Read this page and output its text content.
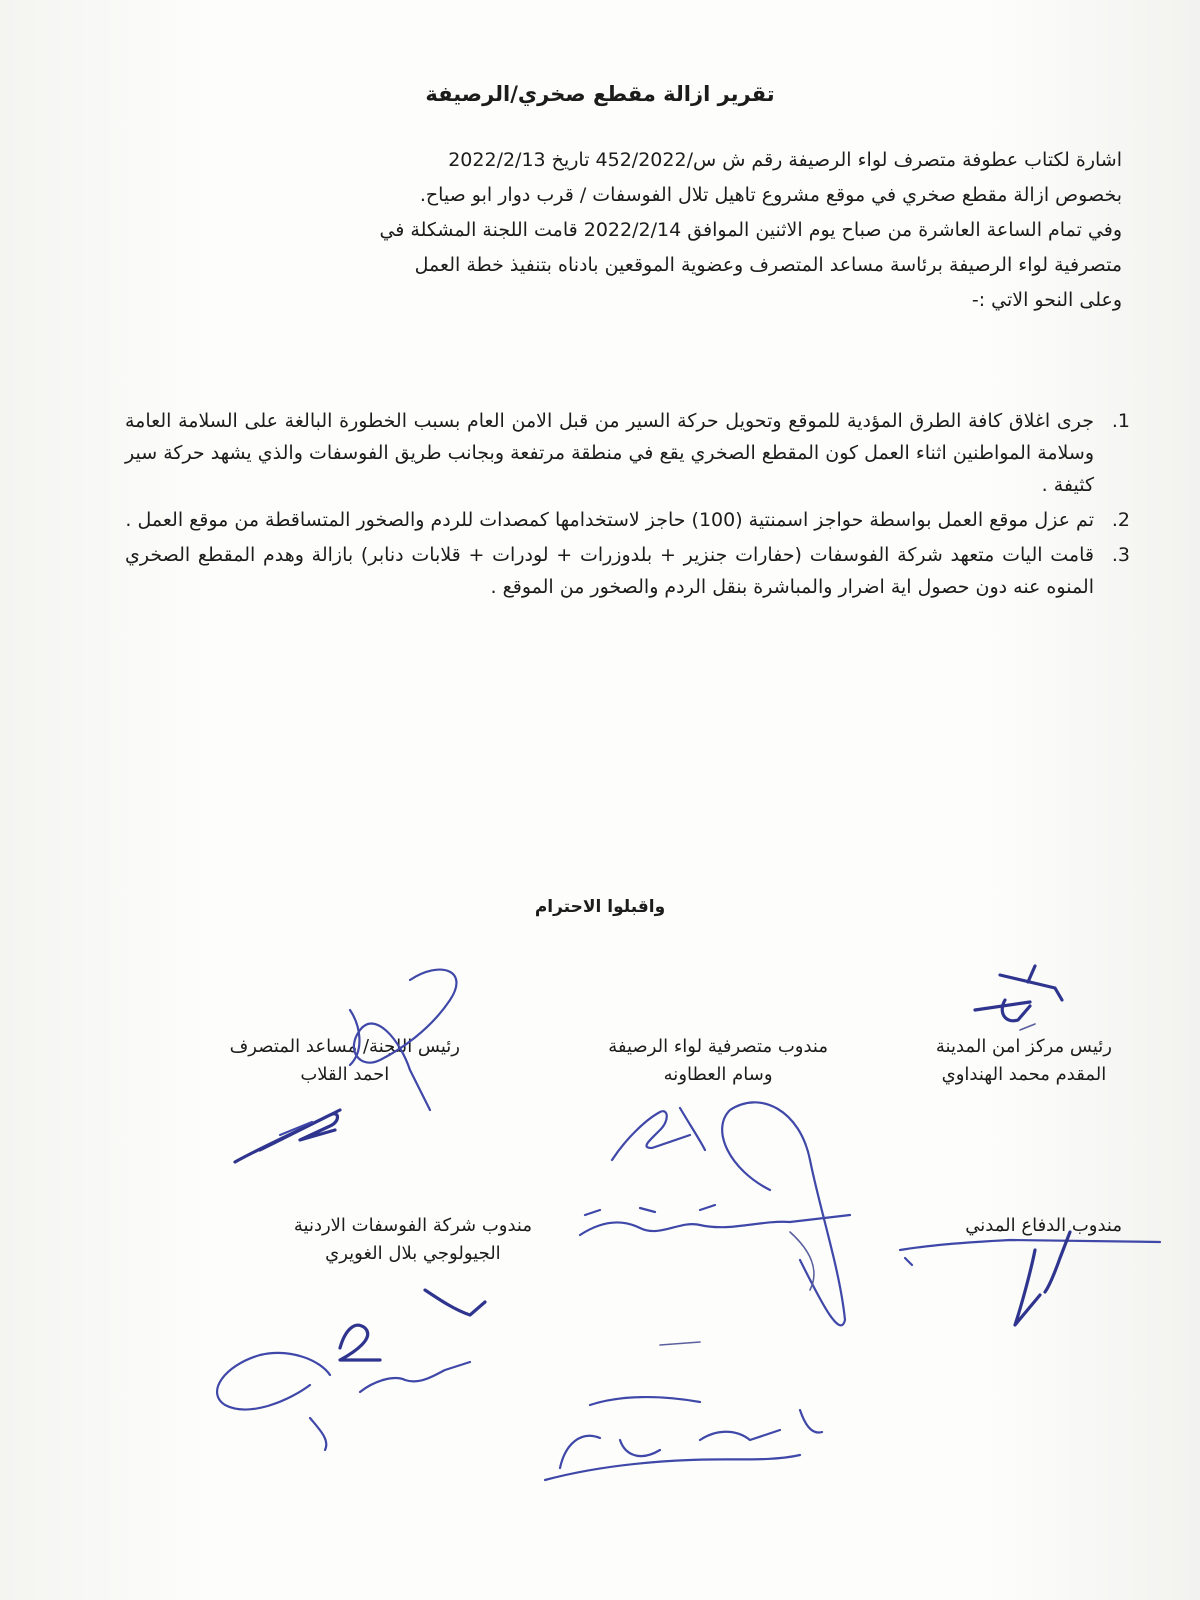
تقرير ازالة مقطع صخري/الرصيفة
اشارة لكتاب عطوفة متصرف لواء الرصيفة رقم ش س/452/2022 تاريخ 2022/2/13
بخصوص ازالة مقطع صخري في موقع مشروع تاهيل تلال الفوسفات / قرب دوار ابو صياح.
وفي تمام الساعة العاشرة من صباح يوم الاثنين الموافق 2022/2/14 قامت اللجنة المشكلة في
متصرفية لواء الرصيفة برئاسة مساعد المتصرف وعضوية الموقعين بادناه بتنفيذ خطة العمل
وعلى النحو الاتي :-
1.
جرى اغلاق كافة الطرق المؤدية للموقع وتحويل حركة السير من قبل الامن العام بسبب الخطورة البالغة على السلامة العامة وسلامة المواطنين اثناء العمل كون المقطع الصخري يقع في منطقة مرتفعة وبجانب طريق الفوسفات والذي يشهد حركة سير كثيفة .
2.
تم عزل موقع العمل بواسطة حواجز اسمنتية (100) حاجز لاستخدامها كمصدات للردم والصخور المتساقطة من موقع العمل .
3.
قامت اليات متعهد شركة الفوسفات (حفارات جنزير + بلدوزرات + لودرات + قلابات دنابر) بازالة وهدم المقطع الصخري المنوه عنه دون حصول اية اضرار والمباشرة بنقل الردم والصخور من الموقع .
واقبلوا الاحترام
رئيس مركز امن المدينة
المقدم محمد الهنداوي
مندوب متصرفية لواء الرصيفة
وسام العطاونه
رئيس اللجنة/ مساعد المتصرف
احمد القلاب
مندوب الدفاع المدني
مندوب شركة الفوسفات الاردنية
الجيولوجي بلال الغويري
